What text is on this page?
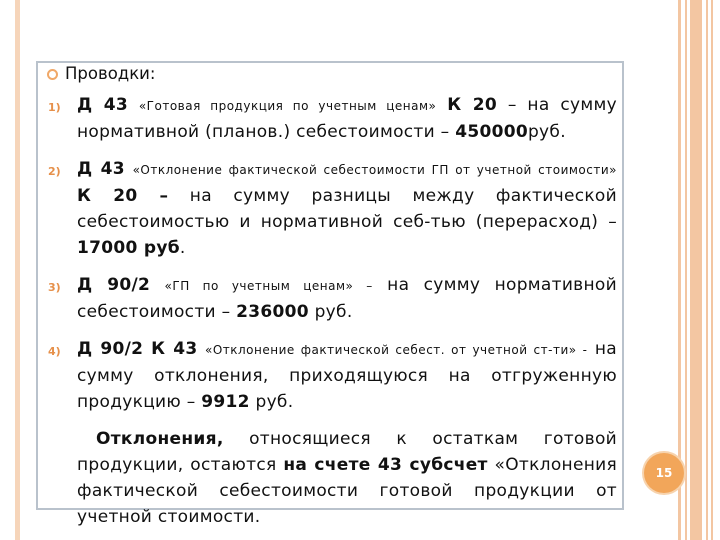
Проводки:
1) Д 43 «Готовая продукция по учетным ценам» К 20 – на сумму нормативной (планов.) себестоимости – 450000руб.
2) Д 43 «Отклонение фактической себестоимости ГП от учетной стоимости» К 20 – на сумму разницы между фактической себестоимостью и нормативной себ-тью (перерасход) – 17000 руб.
3) Д 90/2 «ГП по учетным ценам» – на сумму нормативной себестоимости – 236000 руб.
4) Д 90/2 К 43 «Отклонение фактической себест. от учетной ст-ти» - на сумму отклонения, приходящуюся на отгруженную продукцию – 9912 руб.
Отклонения, относящиеся к остаткам готовой продукции, остаются на счете 43 субсчет «Отклонения фактической себестоимости готовой продукции от учетной стоимости.
15
